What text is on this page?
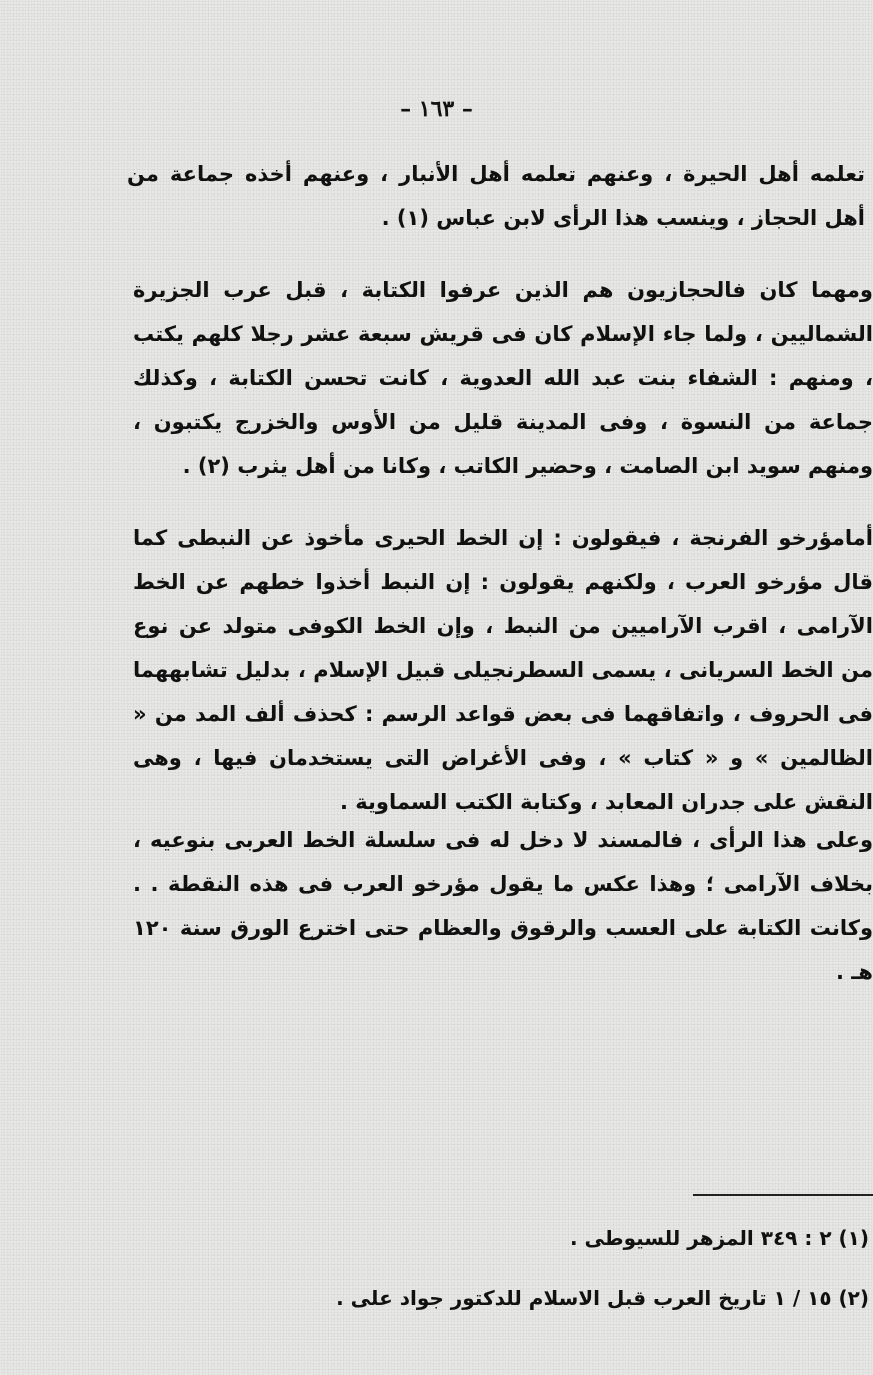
– ١٦٣ –

تعلمه أهل الحيرة ، وعنهم تعلمه أهل الأنبار ، وعنهم أخذه جماعة من أهل الحجاز ، وينسب هذا الرأى لابن عباس (١) .

ومهما كان فالحجازيون هم الذين عرفوا الكتابة ، قبل عرب الجزيرة الشماليين ، ولما جاء الإسلام كان فى قريش سبعة عشر رجلا كلهم يكتب ، ومنهم : الشفاء بنت عبد الله العدوية ، كانت تحسن الكتابة ، وكذلك جماعة من النسوة ، وفى المدينة قليل من الأوس والخزرج يكتبون ، ومنهم سويد ابن الصامت ، وحضير الكاتب ، وكانا من أهل يثرب (٢) .

أمامؤرخو الفرنجة ، فيقولون : إن الخط الحيرى مأخوذ عن النبطى كما قال مؤرخو العرب ، ولكنهم يقولون : إن النبط أخذوا خطهم عن الخط الآرامى ، اقرب الآراميين من النبط ، وإن الخط الكوفى متولد عن نوع من الخط السريانى ، يسمى السطرنجيلى قبيل الإسلام ، بدليل تشابههما فى الحروف ، واتفاقهما فى بعض قواعد الرسم : كحذف ألف المد من « الظالمين » و « كتاب » ، وفى الأغراض التى يستخدمان فيها ، وهى النقش على جدران المعابد ، وكتابة الكتب السماوية .

وعلى هذا الرأى ، فالمسند لا دخل له فى سلسلة الخط العربى بنوعيه ، بخلاف الآرامى ؛ وهذا عكس ما يقول مؤرخو العرب فى هذه النقطة . . وكانت الكتابة على العسب والرقوق والعظام حتى اخترع الورق سنة ١٢٠ هـ .

(١) ٢ : ٣٤٩ المزهر للسيوطى .

(٢) ١٥ / ١ تاريخ العرب قبل الاسلام للدكتور جواد على .
